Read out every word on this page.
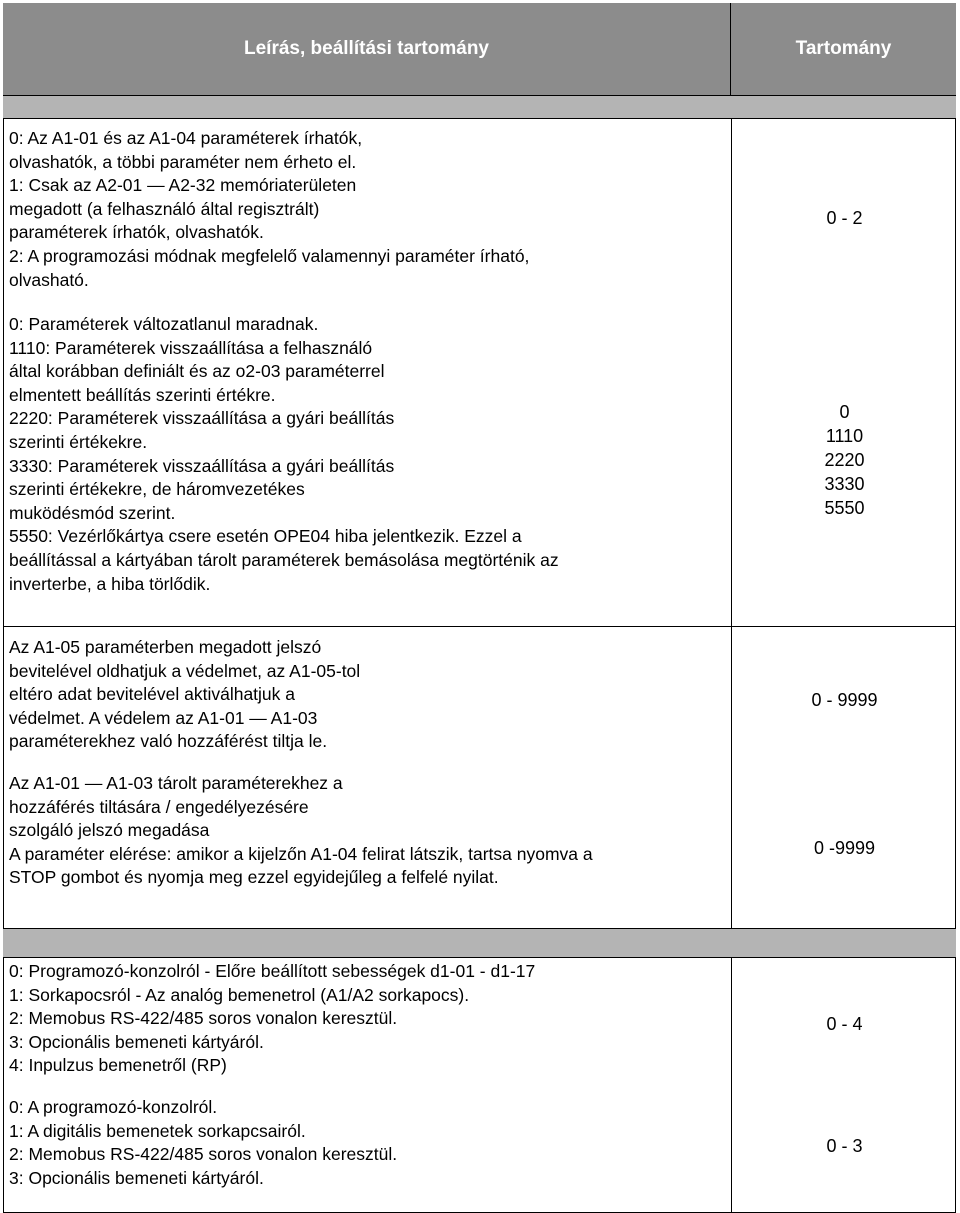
Leírás, beállítási tartomány	Tartomány
0: Az A1-01 és az A1-04 paraméterek írhatók,
olvashatók, a többi paraméter nem érheto el.
1: Csak az A2-01 — A2-32 memóriaterületen
megadott (a felhasználó által regisztrált)
paraméterek írhatók, olvashatók.
2: A programozási módnak megfelelő valamennyi paraméter írható,
olvasható.
0 - 2
0: Paraméterek változatlanul maradnak.
1110: Paraméterek visszaállítása a felhasználó
által korábban definiált és az o2-03 paraméterrel
elmentett beállítás szerinti értékre.
2220: Paraméterek visszaállítása a gyári beállítás
szerinti értékekre.
3330: Paraméterek visszaállítása a gyári beállítás
szerinti értékekre, de háromvezetékes
muködésmód szerint.
5550: Vezérlőkártya csere esetén OPE04 hiba jelentkezik. Ezzel a
beállítással a kártyában tárolt paraméterek bemásolása megtörténik az
inverterbe, a hiba törlődik.
0
1110
2220
3330
5550
Az A1-05 paraméterben megadott jelszó
bevitelével oldhatjuk a védelmet, az A1-05-tol
eltéro adat bevitelével aktiválhatjuk a
védelmet. A védelem az A1-01 — A1-03
paraméterekhez való hozzáférést tiltja le.
0 - 9999
Az A1-01 — A1-03 tárolt paraméterekhez a
hozzáférés tiltására / engedélyezésére
szolgáló jelszó megadása
A paraméter elérése: amikor a kijelzőn A1-04 felirat látszik, tartsa nyomva a
STOP gombot és nyomja meg ezzel egyidejűleg a felfelé nyilat.
0 -9999
0: Programozó-konzolról - Előre beállított sebességek d1-01 - d1-17
1: Sorkapocsról - Az analóg bemenetrol (A1/A2 sorkapocs).
2: Memobus RS-422/485 soros vonalon keresztül.
3: Opcionális bemeneti kártyáról.
4: Inpulzus bemenetről (RP)
0 - 4
0: A programozó-konzolról.
1: A digitális bemenetek sorkapcsairól.
2: Memobus RS-422/485 soros vonalon keresztül.
3: Opcionális bemeneti kártyáról.
0 - 3
